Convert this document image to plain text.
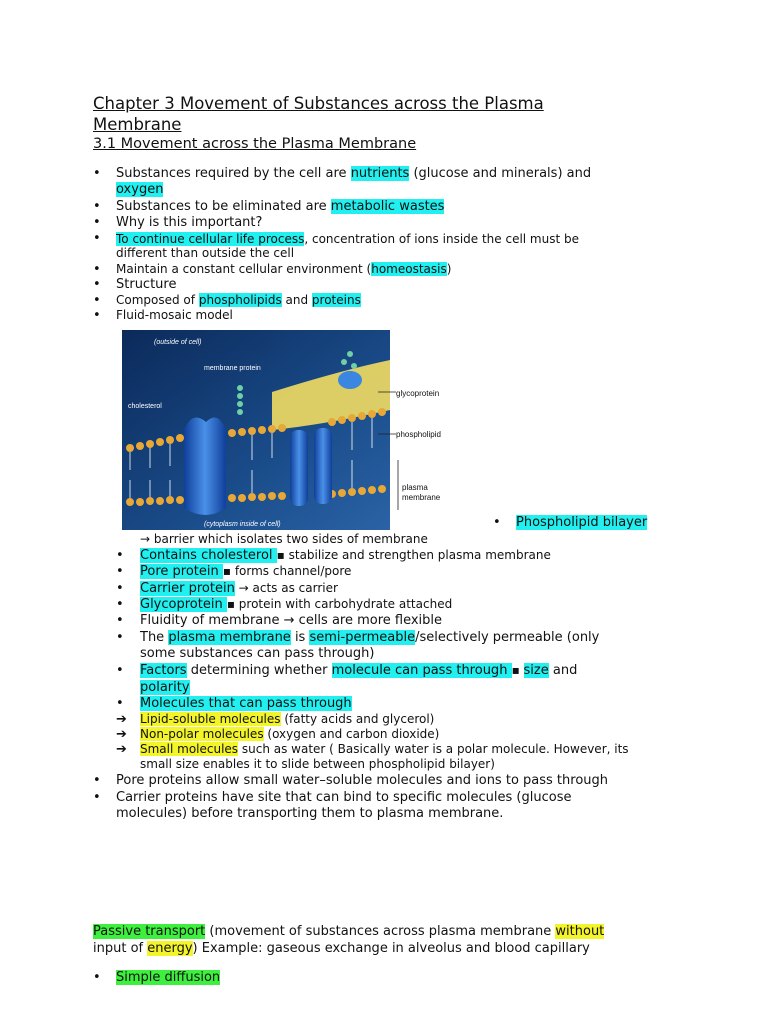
Chapter 3 Movement of Substances across the Plasma Membrane
3.1 Movement across the Plasma Membrane
• Substances required by the cell are nutrients (glucose and minerals) and
oxygen
• Substances to be eliminated are metabolic wastes
• Why is this important?
• To continue cellular life process, concentration of ions inside the cell must be
different than outside the cell
• Maintain a constant cellular environment (homeostasis)
• Structure
• Composed of phospholipids and proteins
• Fluid-mosaic model
(outside of cell)
membrane protein
cholesterol
(cytoplasm inside of cell)
glycoprotein
phospholipid
plasma
membrane
• Phospholipid bilayer
→ barrier which isolates two sides of membrane
• Contains cholesterol ▪ stabilize and strengthen plasma membrane
• Pore protein ▪ forms channel/pore
• Carrier protein → acts as carrier
• Glycoprotein ▪ protein with carbohydrate attached
• Fluidity of membrane → cells are more flexible
• The plasma membrane is semi-permeable/selectively permeable (only
some substances can pass through)
• Factors determining whether molecule can pass through ▪ size and
polarity
• Molecules that can pass through
➔ Lipid-soluble molecules (fatty acids and glycerol)
➔ Non-polar molecules (oxygen and carbon dioxide)
➔ Small molecules such as water ( Basically water is a polar molecule. However, its
small size enables it to slide between phospholipid bilayer)
• Pore proteins allow small water–soluble molecules and ions to pass through
• Carrier proteins have site that can bind to specific molecules (glucose
molecules) before transporting them to plasma membrane.
Passive transport (movement of substances across plasma membrane without
input of energy) Example: gaseous exchange in alveolus and blood capillary
• Simple diffusion
